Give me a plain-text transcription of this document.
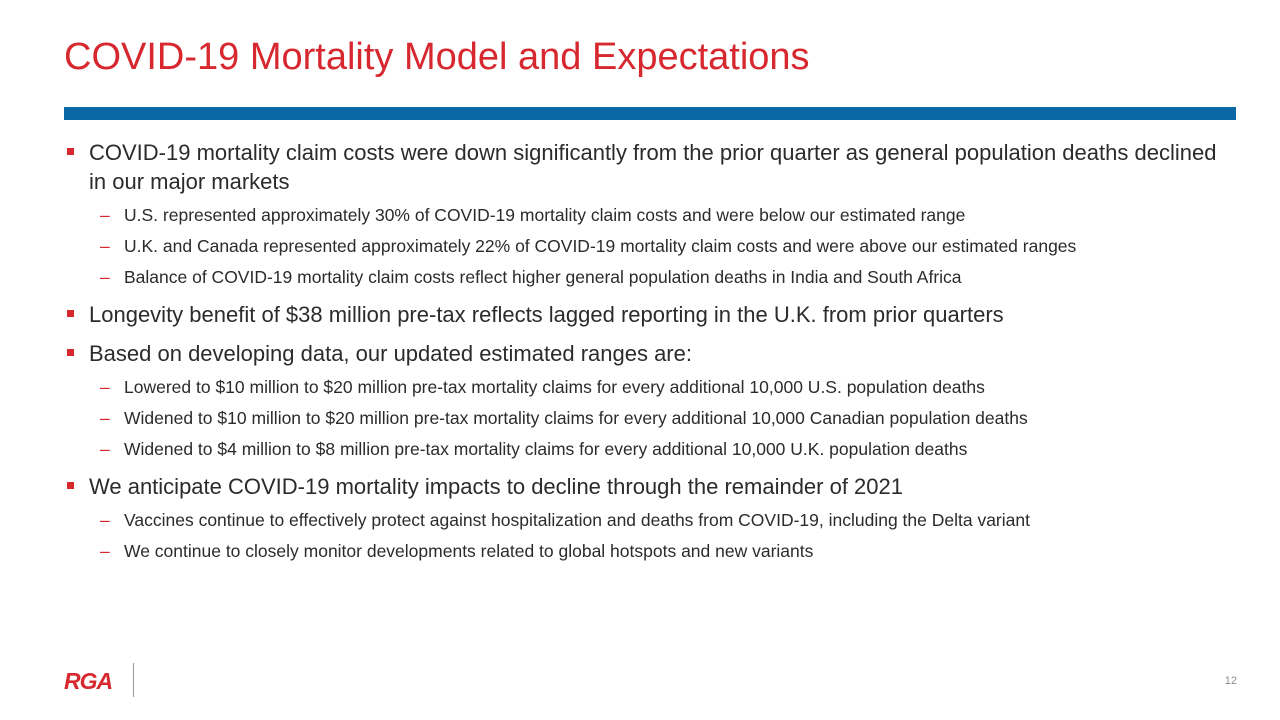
COVID-19 Mortality Model and Expectations
COVID-19 mortality claim costs were down significantly from the prior quarter as general population deaths declined in our major markets
– U.S. represented approximately 30% of COVID-19 mortality claim costs and were below our estimated range
– U.K. and Canada represented approximately 22% of COVID-19 mortality claim costs and were above our estimated ranges
– Balance of COVID-19 mortality claim costs reflect higher general population deaths in India and South Africa
Longevity benefit of $38 million pre-tax reflects lagged reporting in the U.K. from prior quarters
Based on developing data, our updated estimated ranges are:
– Lowered to $10 million to $20 million pre-tax mortality claims for every additional 10,000 U.S. population deaths
– Widened to $10 million to $20 million pre-tax mortality claims for every additional 10,000 Canadian population deaths
– Widened to $4 million to $8 million pre-tax mortality claims for every additional 10,000 U.K. population deaths
We anticipate COVID-19 mortality impacts to decline through the remainder of 2021
– Vaccines continue to effectively protect against hospitalization and deaths from COVID-19, including the Delta variant
– We continue to closely monitor developments related to global hotspots and new variants
RGA	12
